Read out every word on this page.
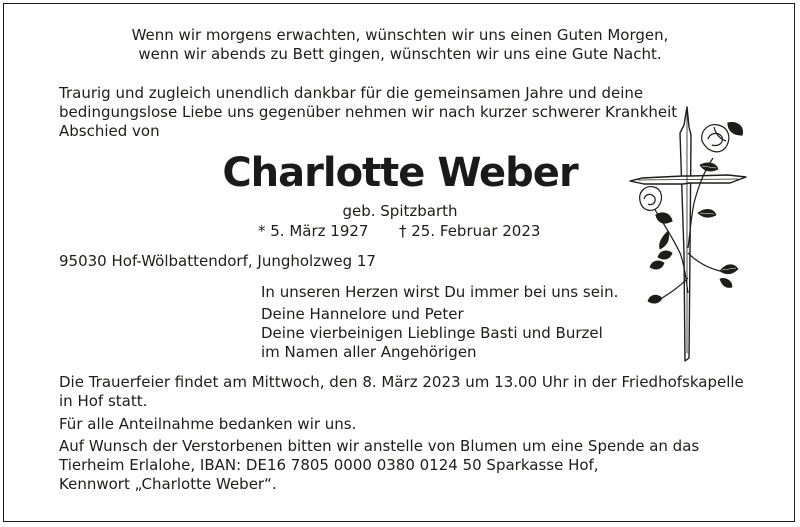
Wenn wir morgens erwachten, wünschten wir uns einen Guten Morgen,
wenn wir abends zu Bett gingen, wünschten wir uns eine Gute Nacht.
Traurig und zugleich unendlich dankbar für die gemeinsamen Jahre und deine
bedingungslose Liebe uns gegenüber nehmen wir nach kurzer schwerer Krankheit
Abschied von
Charlotte Weber
geb. Spitzbarth
* 5. März 1927 † 25. Februar 2023
95030 Hof-Wölbattendorf, Jungholzweg 17
In unseren Herzen wirst Du immer bei uns sein.
Deine Hannelore und Peter
Deine vierbeinigen Lieblinge Basti und Burzel
im Namen aller Angehörigen
Die Trauerfeier findet am Mittwoch, den 8. März 2023 um 13.00 Uhr in der Friedhofskapelle
in Hof statt.
Für alle Anteilnahme bedanken wir uns.
Auf Wunsch der Verstorbenen bitten wir anstelle von Blumen um eine Spende an das
Tierheim Erlalohe, IBAN: DE16 7805 0000 0380 0124 50 Sparkasse Hof,
Kennwort „Charlotte Weber“.
